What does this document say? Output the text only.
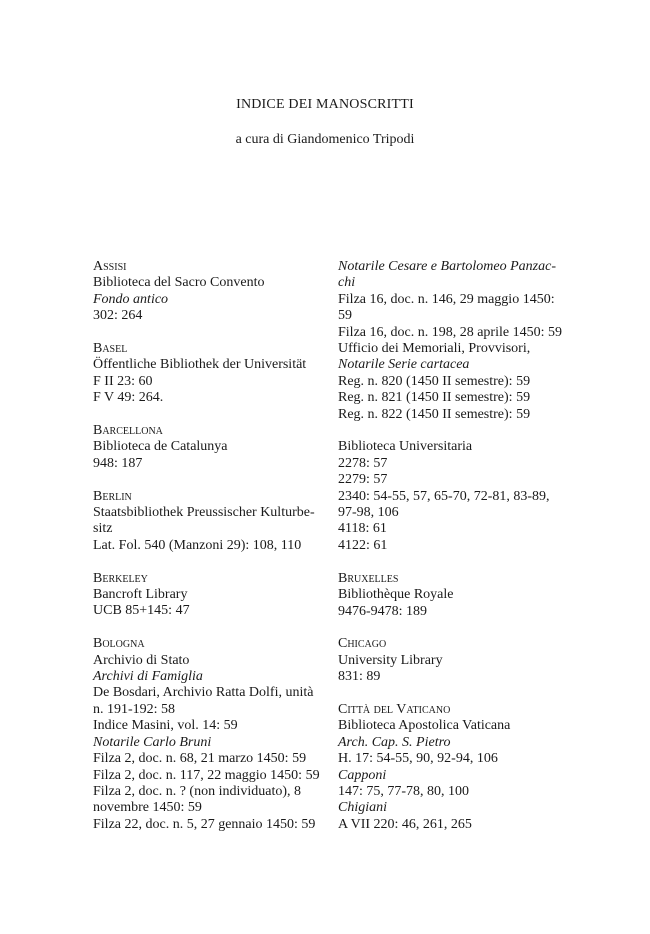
INDICE DEI MANOSCRITTI
a cura di Giandomenico Tripodi
Assisi
Biblioteca del Sacro Convento
Fondo antico
302: 264
Basel
Öffentliche Bibliothek der Universität
F II 23: 60
F V 49: 264.
Barcellona
Biblioteca de Catalunya
948: 187
Berlin
Staatsbibliothek Preussischer Kulturbe-
sitz
Lat. Fol. 540 (Manzoni 29): 108, 110
Berkeley
Bancroft Library
UCB 85+145: 47
Bologna
Archivio di Stato
Archivi di Famiglia
De Bosdari, Archivio Ratta Dolfi, unità
n. 191-192: 58
Indice Masini, vol. 14: 59
Notarile Carlo Bruni
Filza 2, doc. n. 68, 21 marzo 1450: 59
Filza 2, doc. n. 117, 22 maggio 1450: 59
Filza 2, doc. n. ? (non individuato), 8
novembre 1450: 59
Filza 22, doc. n. 5, 27 gennaio 1450: 59
Notarile Cesare e Bartolomeo Panzac-
chi
Filza 16, doc. n. 146, 29 maggio 1450:
59
Filza 16, doc. n. 198, 28 aprile 1450: 59
Ufficio dei Memoriali, Provvisori,
Notarile Serie cartacea
Reg. n. 820 (1450 II semestre): 59
Reg. n. 821 (1450 II semestre): 59
Reg. n. 822 (1450 II semestre): 59
Biblioteca Universitaria
2278: 57
2279: 57
2340: 54-55, 57, 65-70, 72-81, 83-89,
97-98, 106
4118: 61
4122: 61
Bruxelles
Bibliothèque Royale
9476-9478: 189
Chicago
University Library
831: 89
Città del Vaticano
Biblioteca Apostolica Vaticana
Arch. Cap. S. Pietro
H. 17: 54-55, 90, 92-94, 106
Capponi
147: 75, 77-78, 80, 100
Chigiani
A VII 220: 46, 261, 265
